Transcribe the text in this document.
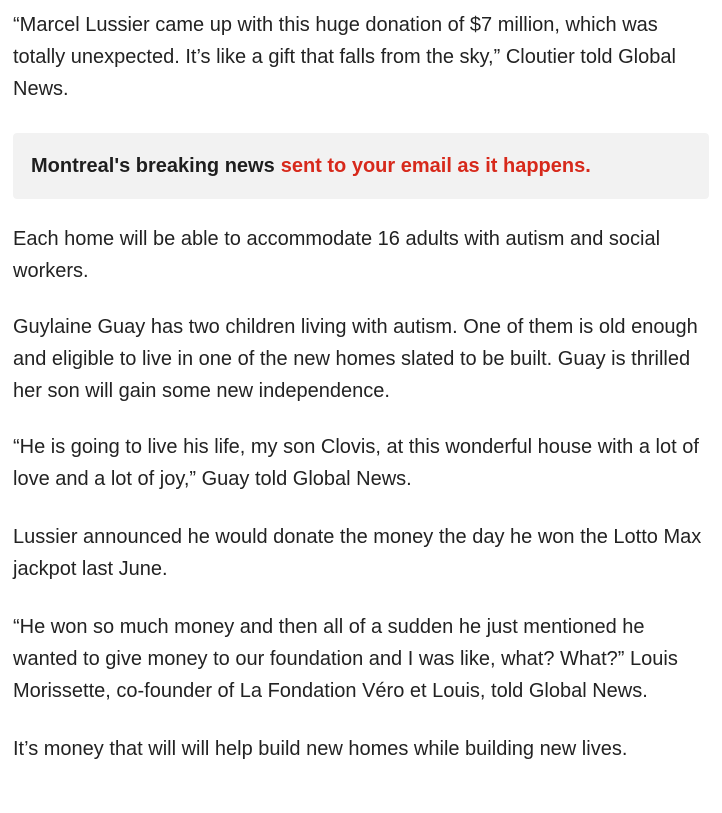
“Marcel Lussier came up with this huge donation of $7 million, which was totally unexpected. It’s like a gift that falls from the sky,” Cloutier told Global News.

Montreal's breaking news sent to your email as it happens.

Each home will be able to accommodate 16 adults with autism and social workers.

Guylaine Guay has two children living with autism. One of them is old enough and eligible to live in one of the new homes slated to be built. Guay is thrilled her son will gain some new independence.

“He is going to live his life, my son Clovis, at this wonderful house with a lot of love and a lot of joy,” Guay told Global News.

Lussier announced he would donate the money the day he won the Lotto Max jackpot last June.

“He won so much money and then all of a sudden he just mentioned he wanted to give money to our foundation and I was like, what? What?” Louis Morissette, co-founder of La Fondation Véro et Louis, told Global News.

It’s money that will will help build new homes while building new lives.
